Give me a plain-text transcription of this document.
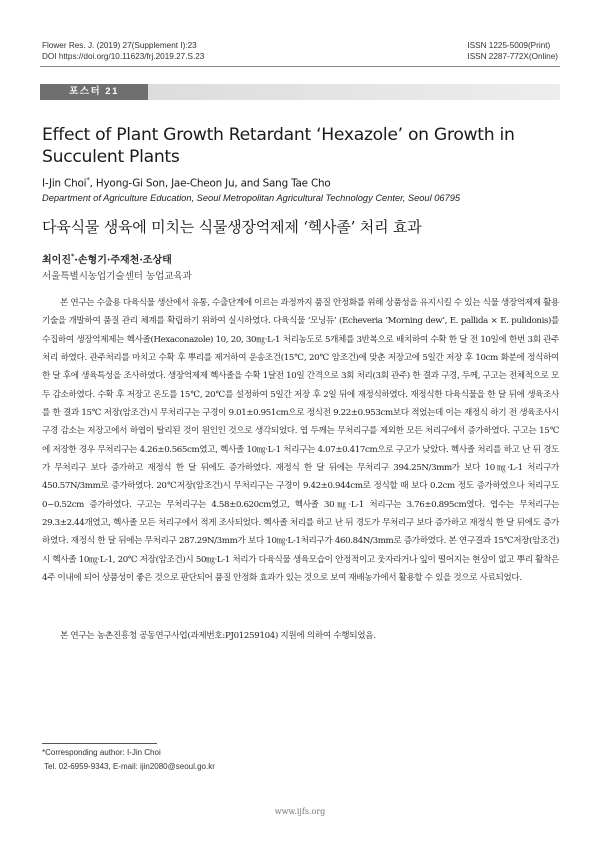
Flower Res. J. (2019) 27(Supplement I):23
DOI https://doi.org/10.11623/frj.2019.27.S.23
ISSN 1225-5009(Print)
ISSN 2287-772X(Online)
포스터 21
Effect of Plant Growth Retardant ‘Hexazole’ on Growth in Succulent Plants
I-Jin Choi*, Hyong-Gi Son, Jae-Cheon Ju, and Sang Tae Cho
Department of Agriculture Education, Seoul Metropolitan Agricultural Technology Center, Seoul 06795
다육식물 생육에 미치는 식물생장억제제 ‘헥사졸’ 처리 효과
최이진*·손형기·주재천·조상태
서울특별시농업기술센터 농업교육과

본 연구는 수출용 다육식물 생산에서 유통, 수출단계에 이르는 과정까지 품질 안정화를 위해 상품성을 유지시킬 수 있는 식물 생장억제제 활용기술을 개발하여 품질 관리 체계를 확립하기 위하여 실시하였다. 다육식물 ‘모닝듀’ (Echeveria ‘Morning dew’, E. pallida × E. pulidonis)를 수집하여 생장억제제는 헥사졸(Hexaconazole) 10, 20, 30㎎·L-1 처리농도로 5개체를 3반복으로 배치하여 수확 한 달 전 10일에 한번 3회 관주처리 하였다. 관주처리를 마치고 수확 후 뿌리를 제거하여 운송조건(15℃, 20℃ 암조건)에 맞춘 저장고에 5일간 저장 후 10cm 화분에 정식하여 한 달 후에 생육특성을 조사하였다. 생장억제제 헥사졸을 수확 1달전 10일 간격으로 3회 처리(3회 관주) 한 결과 구경, 두께, 구고는 전체적으로 모두 감소하였다. 수확 후 저장고 온도를 15℃, 20℃를 설정하여 5일간 저장 후 2일 뒤에 재정식하였다. 재정식한 다육식물을 한 달 뒤에 생육조사를 한 결과 15℃ 저장(암조건)시 무처리구는 구경이 9.01±0.951cm으로 정식전 9.22±0.953cm보다 적었는데 이는 재정식 하기 전 생육조사시 구경 감소는 저장고에서 하엽이 탈리된 것이 원인인 것으로 생각되었다. 엽 두께는 무처리구를 제외한 모든 처리구에서 증가하였다. 구고는 15℃에 저장한 경우 무처리구는 4.26±0.565cm였고, 헥사졸 10㎎·L-1 처리구는 4.07±0.417cm으로 구고가 낮았다. 헥사졸 처리를 하고 난 뒤 경도가 무처리구 보다 증가하고 재정식 한 달 뒤에도 증가하였다. 재정식 한 달 뒤에는 무처리구 394.25N/3mm가 보다 10㎎·L-1 처리구가 450.57N/3mm로 증가하였다. 20℃저장(암조건)시 무처리구는 구경이 9.42±0.944cm로 정식할 때 보다 0.2cm 정도 증가하였으나 처리구도 0~0.52cm 증가하였다. 구고는 무처리구는 4.58±0.620cm였고, 헥사졸 30㎎·L-1 처리구는 3.76±0.895cm였다. 엽수는 무처리구는 29.3±2.44개였고, 헥사졸 모든 처리구에서 적게 조사되었다. 헥사졸 처리를 하고 난 뒤 경도가 무처리구 보다 증가하고 재정식 한 달 뒤에도 증가하였다. 재정식 한 달 뒤에는 무처리구 287.29N/3mm가 보다 10㎎·L-1처리구가 460.84N/3mm로 증가하였다. 본 연구결과 15℃저장(암조건)시 헥사졸 10㎎·L-1, 20℃ 저장(암조건)시 50㎎·L-1 처리가 다육식물 생육모습이 안정적이고 웃자라거나 잎이 떨어지는 현상이 없고 뿌리 활착은 4주 이내에 되어 상품성이 좋은 것으로 판단되어 품질 안정화 효과가 있는 것으로 보여 재배농가에서 활용할 수 있을 것으로 사료되었다.

본 연구는 농촌진흥청 공동연구사업(과제번호:PJ01259104) 지원에 의하여 수행되었음.

*Corresponding author: I-Jin Choi
Tel. 02-6959-9343, E-mail: ijin2080@seoul.go.kr
www.ijfs.org
